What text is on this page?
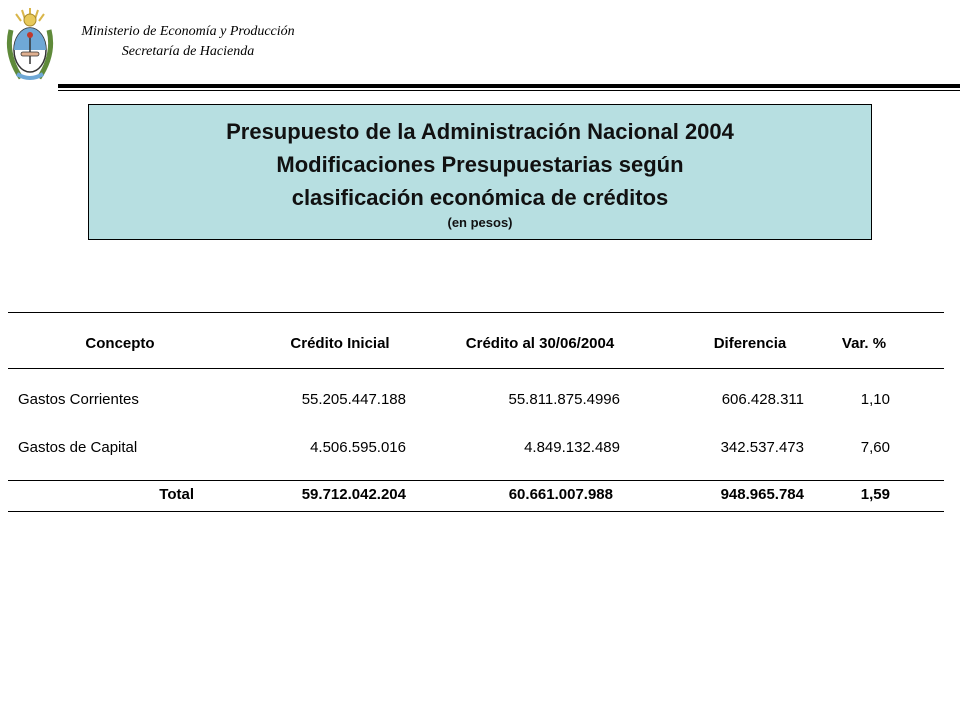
Ministerio de Economía y Producción
Secretaría de Hacienda
Presupuesto de la Administración Nacional 2004
Modificaciones Presupuestarias según
clasificación económica de créditos
(en pesos)
Concepto	Crédito Inicial	Crédito al 30/06/2004	Diferencia	Var. %
Gastos Corrientes	55.205.447.188	55.811.875.4996	606.428.311	1,10
Gastos de Capital	4.506.595.016	4.849.132.489	342.537.473	7,60
Total	59.712.042.204	60.661.007.988	948.965.784	1,59
